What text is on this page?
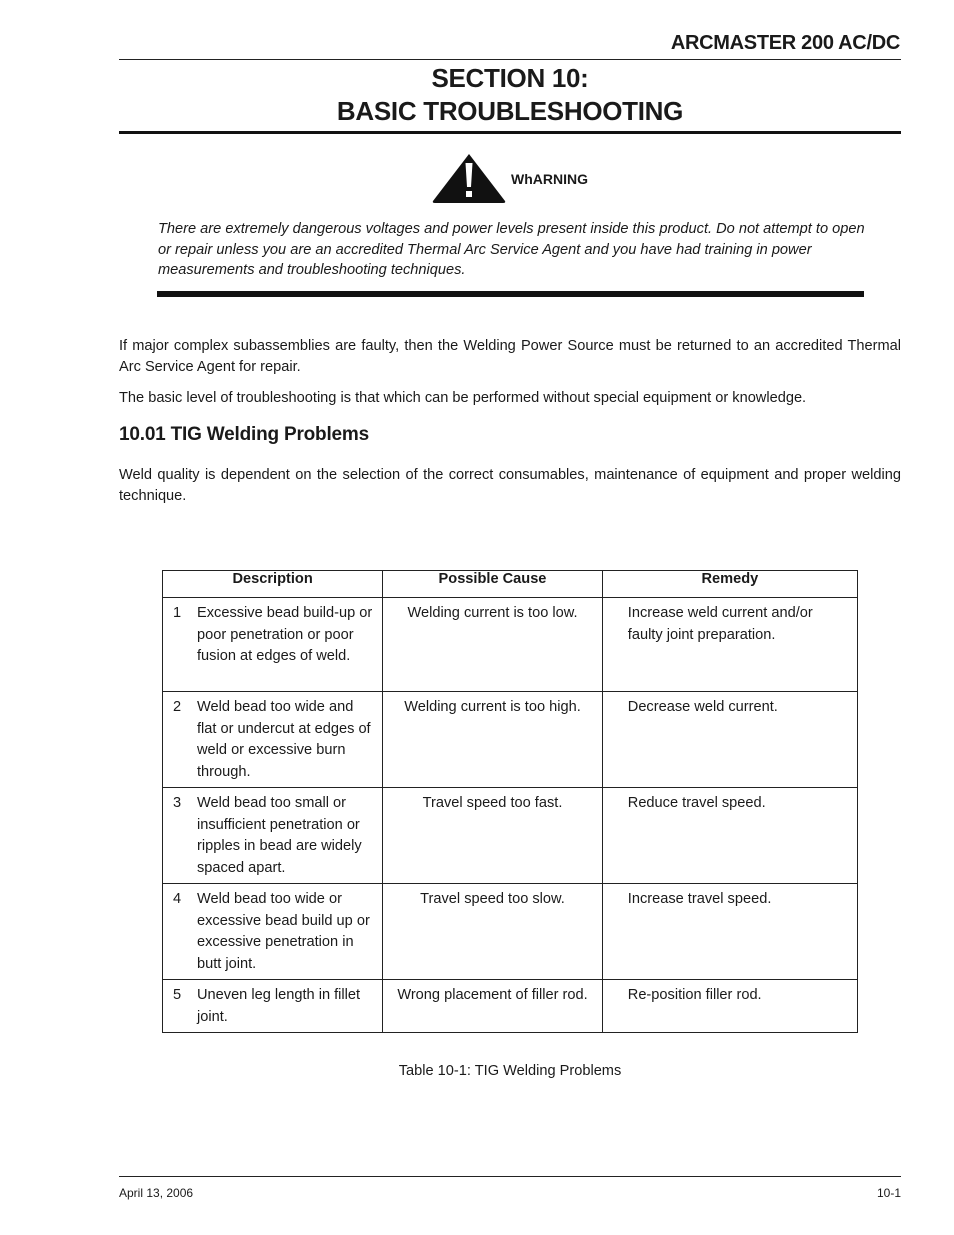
ARCMASTER 200 AC/DC
SECTION 10:
BASIC TROUBLESHOOTING
WhARNING
There are extremely dangerous voltages and power levels present inside this product. Do not attempt to open or repair unless you are an accredited Thermal Arc Service Agent and you have had training in power measurements and troubleshooting techniques.
If major complex subassemblies are faulty, then the Welding Power Source must be returned to an accredited Thermal Arc Service Agent for repair.
The basic level of troubleshooting is that which can be performed without special equipment or knowledge.
10.01 TIG Welding Problems
Weld quality is dependent on the selection of the correct consumables, maintenance of equipment and proper welding technique.
Description	Possible Cause	Remedy
1 Excessive bead build-up or poor penetration or poor fusion at edges of weld.	Welding current is too low.	Increase weld current and/or faulty joint preparation.
2 Weld bead too wide and flat or undercut at edges of weld or excessive burn through.	Welding current is too high.	Decrease weld current.
3 Weld bead too small or insufficient penetration or ripples in bead are widely spaced apart.	Travel speed too fast.	Reduce travel speed.
4 Weld bead too wide or excessive bead build up or excessive penetration in butt joint.	Travel speed too slow.	Increase travel speed.
5 Uneven leg length in fillet joint.	Wrong placement of filler rod.	Re-position filler rod.
Table 10-1: TIG Welding Problems
April 13, 2006	10-1
